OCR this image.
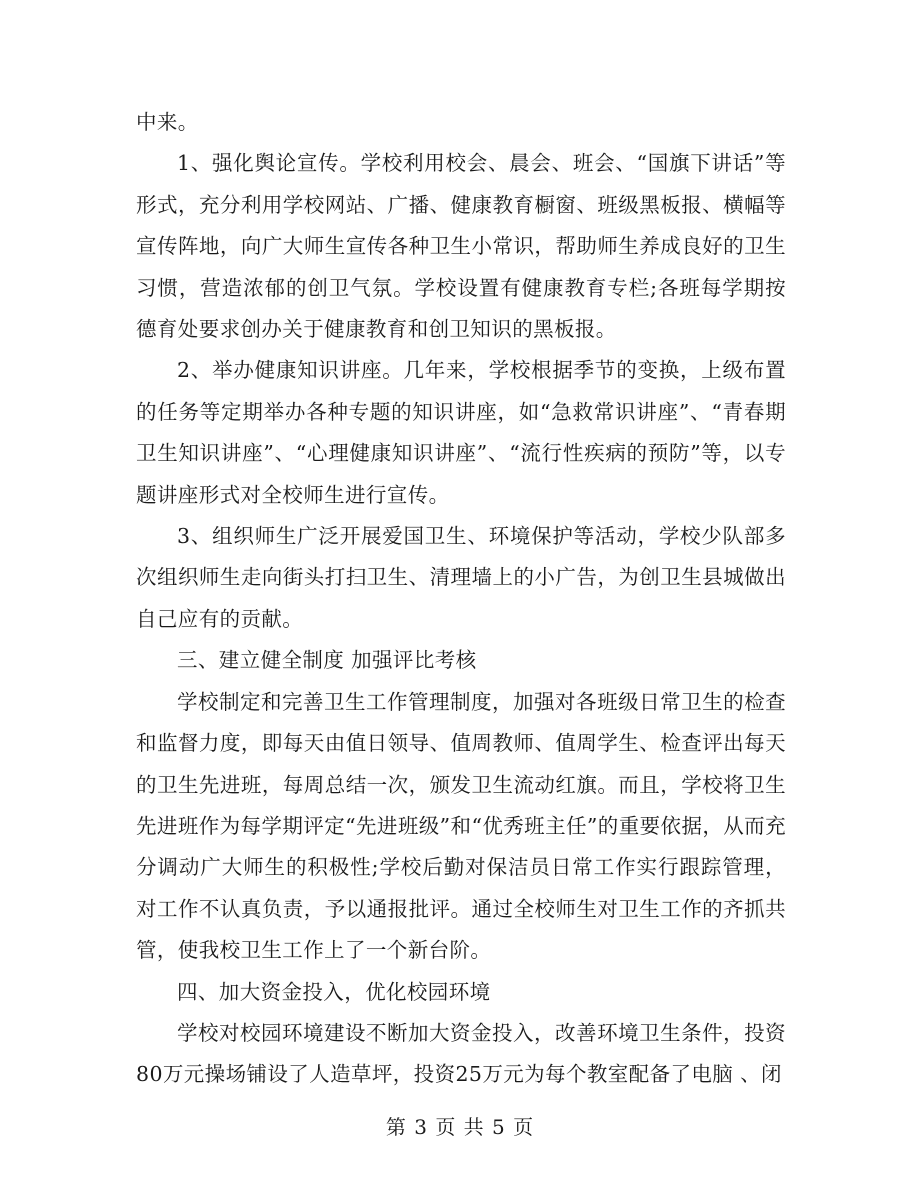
中来。

1、强化舆论宣传。学校利用校会、晨会、班会、“国旗下讲话”等形式，充分利用学校网站、广播、健康教育橱窗、班级黑板报、横幅等宣传阵地，向广大师生宣传各种卫生小常识，帮助师生养成良好的卫生习惯，营造浓郁的创卫气氛。学校设置有健康教育专栏;各班每学期按德育处要求创办关于健康教育和创卫知识的黑板报。

2、举办健康知识讲座。几年来，学校根据季节的变换，上级布置的任务等定期举办各种专题的知识讲座，如“急救常识讲座”、“青春期卫生知识讲座”、“心理健康知识讲座”、“流行性疾病的预防”等，以专题讲座形式对全校师生进行宣传。

3、组织师生广泛开展爱国卫生、环境保护等活动，学校少队部多次组织师生走向街头打扫卫生、清理墙上的小广告，为创卫生县城做出自己应有的贡献。

三、建立健全制度 加强评比考核

学校制定和完善卫生工作管理制度，加强对各班级日常卫生的检查和监督力度，即每天由值日领导、值周教师、值周学生、检查评出每天的卫生先进班，每周总结一次，颁发卫生流动红旗。而且，学校将卫生先进班作为每学期评定“先进班级”和“优秀班主任”的重要依据，从而充分调动广大师生的积极性;学校后勤对保洁员日常工作实行跟踪管理，对工作不认真负责，予以通报批评。通过全校师生对卫生工作的齐抓共管，使我校卫生工作上了一个新台阶。

四、加大资金投入，优化校园环境

学校对校园环境建设不断加大资金投入，改善环境卫生条件，投资80万元操场铺设了人造草坪，投资25万元为每个教室配备了电脑 、闭

第 3 页 共 5 页
